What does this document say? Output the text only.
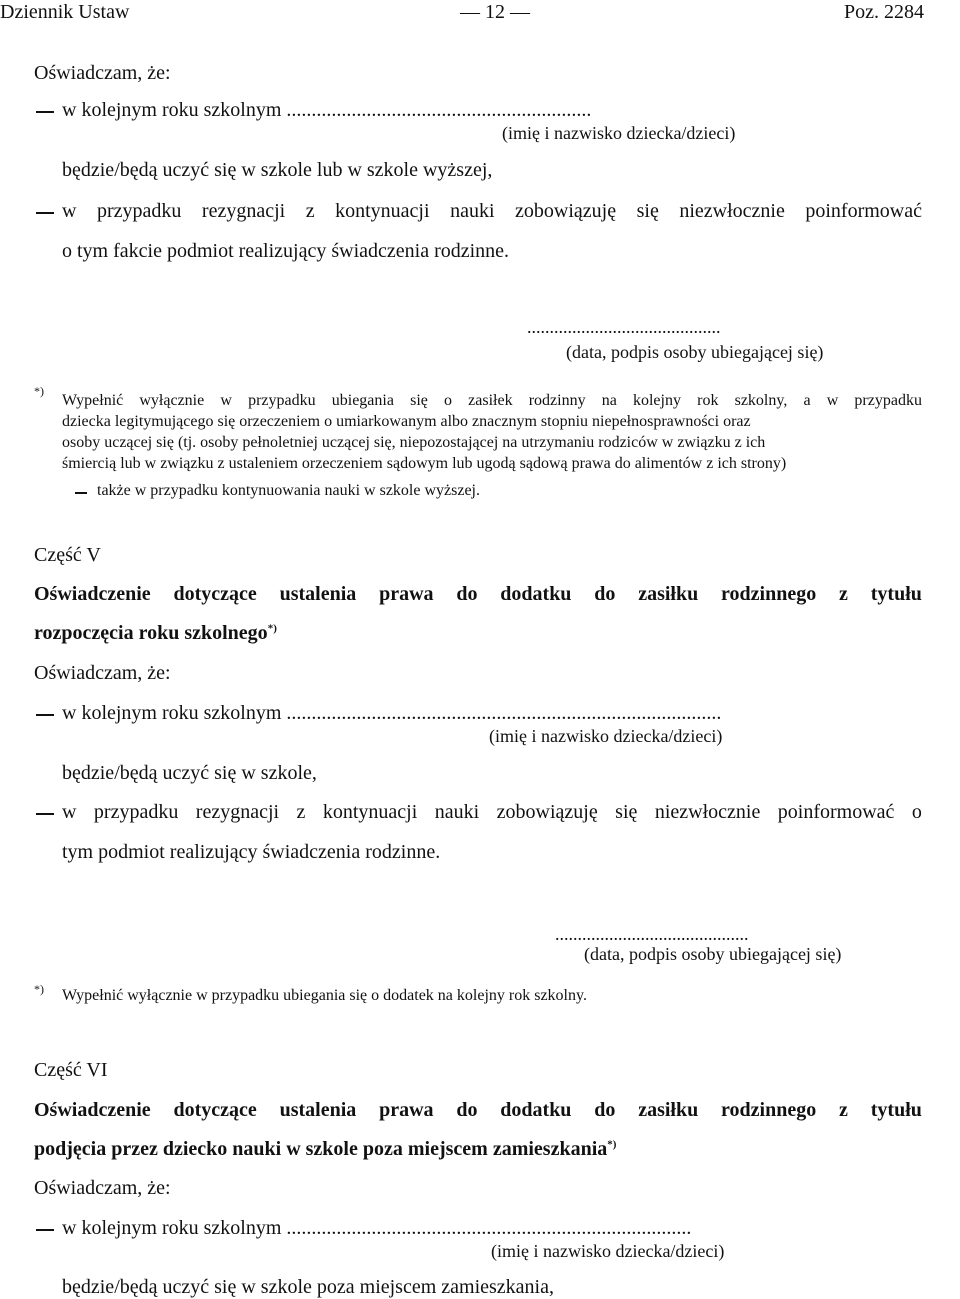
Dziennik Ustaw	— 12 —	Poz. 2284
Oświadczam, że:
w kolejnym roku szkolnym .............................................................
(imię i nazwisko dziecka/dzieci)
będzie/będą uczyć się w szkole lub w szkole wyższej,
w przypadku rezygnacji z kontynuacji nauki zobowiązuję się niezwłocznie poinformować
o tym fakcie podmiot realizujący świadczenia rodzinne.
...........................................
(data, podpis osoby ubiegającej się)
*)
Wypełnić wyłącznie w przypadku ubiegania się o zasiłek rodzinny na kolejny rok szkolny, a w przypadku
dziecka legitymującego się orzeczeniem o umiarkowanym albo znacznym stopniu niepełnosprawności oraz
osoby uczącej się (tj. osoby pełnoletniej uczącej się, niepozostającej na utrzymaniu rodziców w związku z ich
śmiercią lub w związku z ustaleniem orzeczeniem sądowym lub ugodą sądową prawa do alimentów z ich strony)
także w przypadku kontynuowania nauki w szkole wyższej.
Część V
Oświadczenie dotyczące ustalenia prawa do dodatku do zasiłku rodzinnego z tytułu
rozpoczęcia roku szkolnego*)
Oświadczam, że:
w kolejnym roku szkolnym .......................................................................................
(imię i nazwisko dziecka/dzieci)
będzie/będą uczyć się w szkole,
w przypadku rezygnacji z kontynuacji nauki zobowiązuję się niezwłocznie poinformować o
tym podmiot realizujący świadczenia rodzinne.
...........................................
(data, podpis osoby ubiegającej się)
*) Wypełnić wyłącznie w przypadku ubiegania się o dodatek na kolejny rok szkolny.
Część VI
Oświadczenie dotyczące ustalenia prawa do dodatku do zasiłku rodzinnego z tytułu
podjęcia przez dziecko nauki w szkole poza miejscem zamieszkania*)
Oświadczam, że:
w kolejnym roku szkolnym .................................................................................
(imię i nazwisko dziecka/dzieci)
będzie/będą uczyć się w szkole poza miejscem zamieszkania,
